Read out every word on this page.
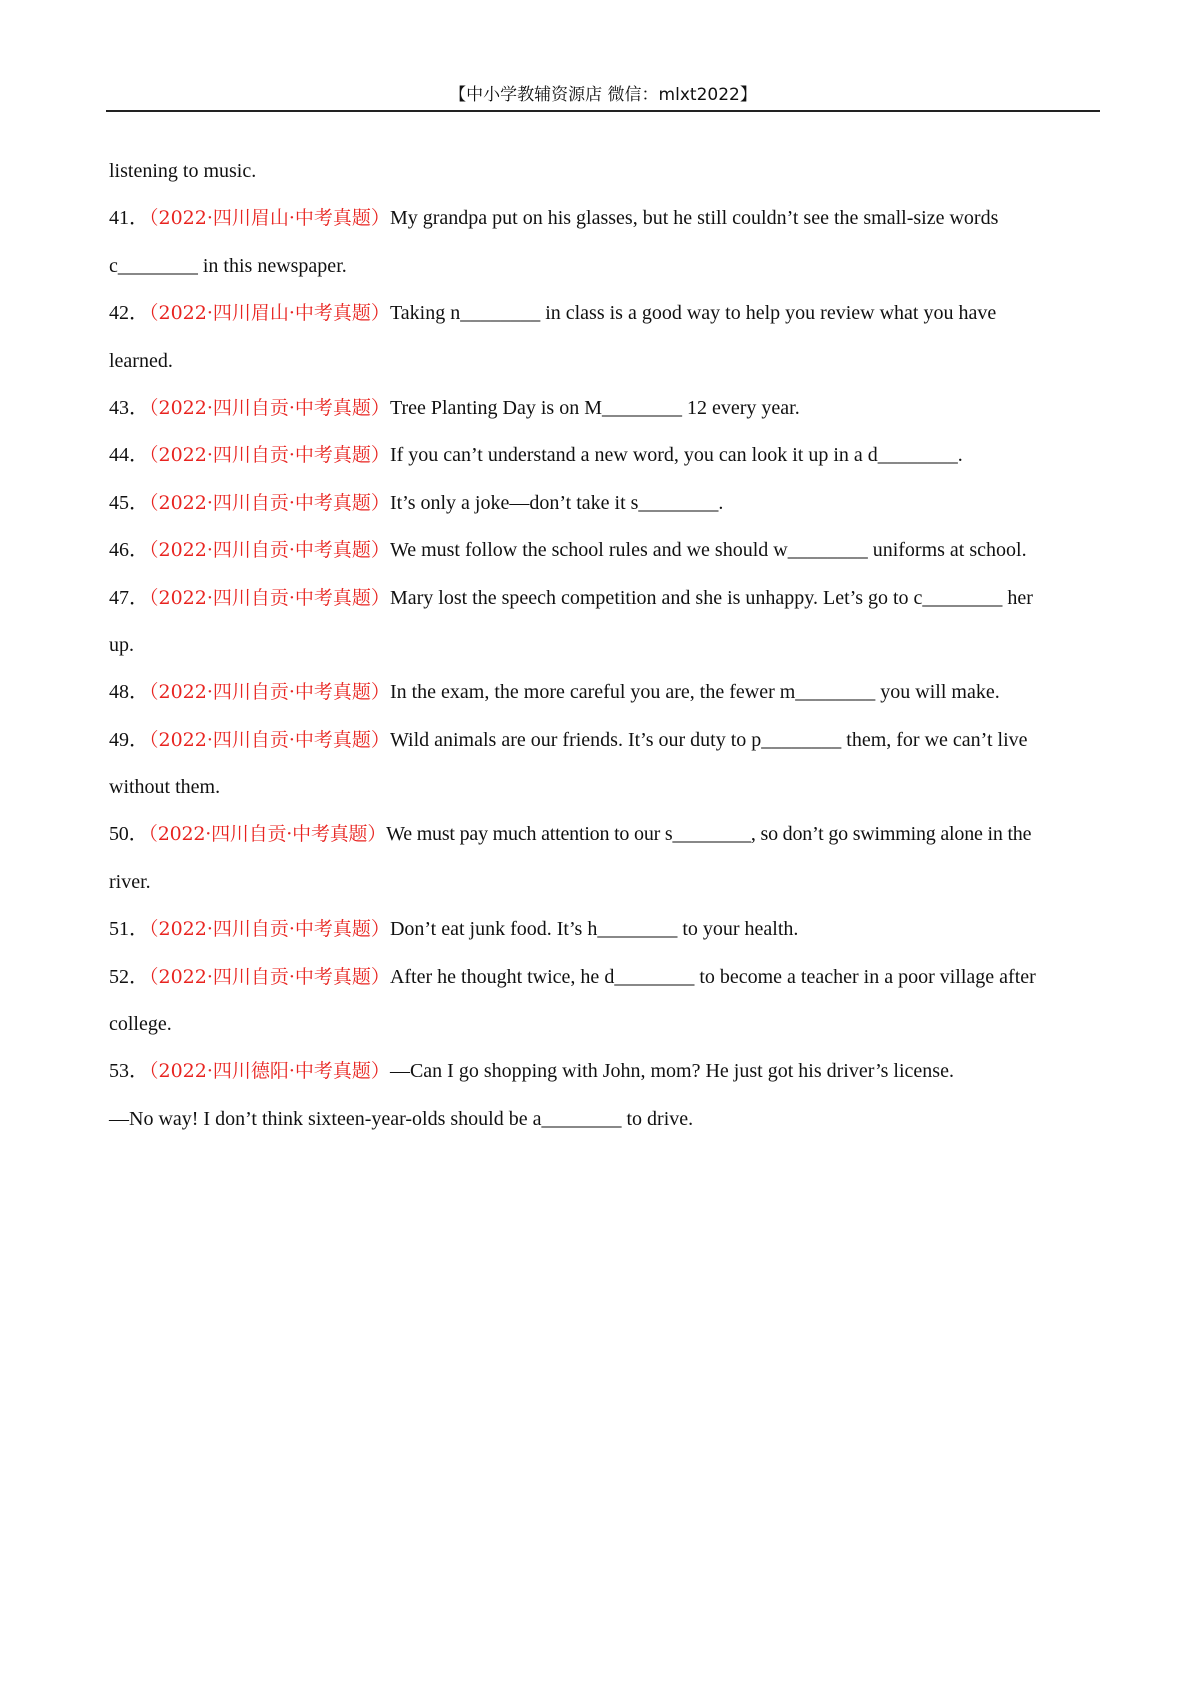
【中小学教辅资源店 微信：mlxt2022】
listening to music.
41．（2022·四川眉山·中考真题）My grandpa put on his glasses, but he still couldn’t see the small-size words
c________ in this newspaper.
42．（2022·四川眉山·中考真题）Taking n________ in class is a good way to help you review what you have
learned.
43．（2022·四川自贡·中考真题）Tree Planting Day is on M________ 12 every year.
44．（2022·四川自贡·中考真题）If you can’t understand a new word, you can look it up in a d________.
45．（2022·四川自贡·中考真题）It’s only a joke—don’t take it s________.
46．（2022·四川自贡·中考真题）We must follow the school rules and we should w________ uniforms at school.
47．（2022·四川自贡·中考真题）Mary lost the speech competition and she is unhappy. Let’s go to c________ her
up.
48．（2022·四川自贡·中考真题）In the exam, the more careful you are, the fewer m________ you will make.
49．（2022·四川自贡·中考真题）Wild animals are our friends. It’s our duty to p________ them, for we can’t live
without them.
50．（2022·四川自贡·中考真题）We must pay much attention to our s________, so don’t go swimming alone in the
river.
51．（2022·四川自贡·中考真题）Don’t eat junk food. It’s h________ to your health.
52．（2022·四川自贡·中考真题）After he thought twice, he d________ to become a teacher in a poor village after
college.
53．（2022·四川德阳·中考真题）—Can I go shopping with John, mom? He just got his driver’s license.
—No way! I don’t think sixteen-year-olds should be a________ to drive.
